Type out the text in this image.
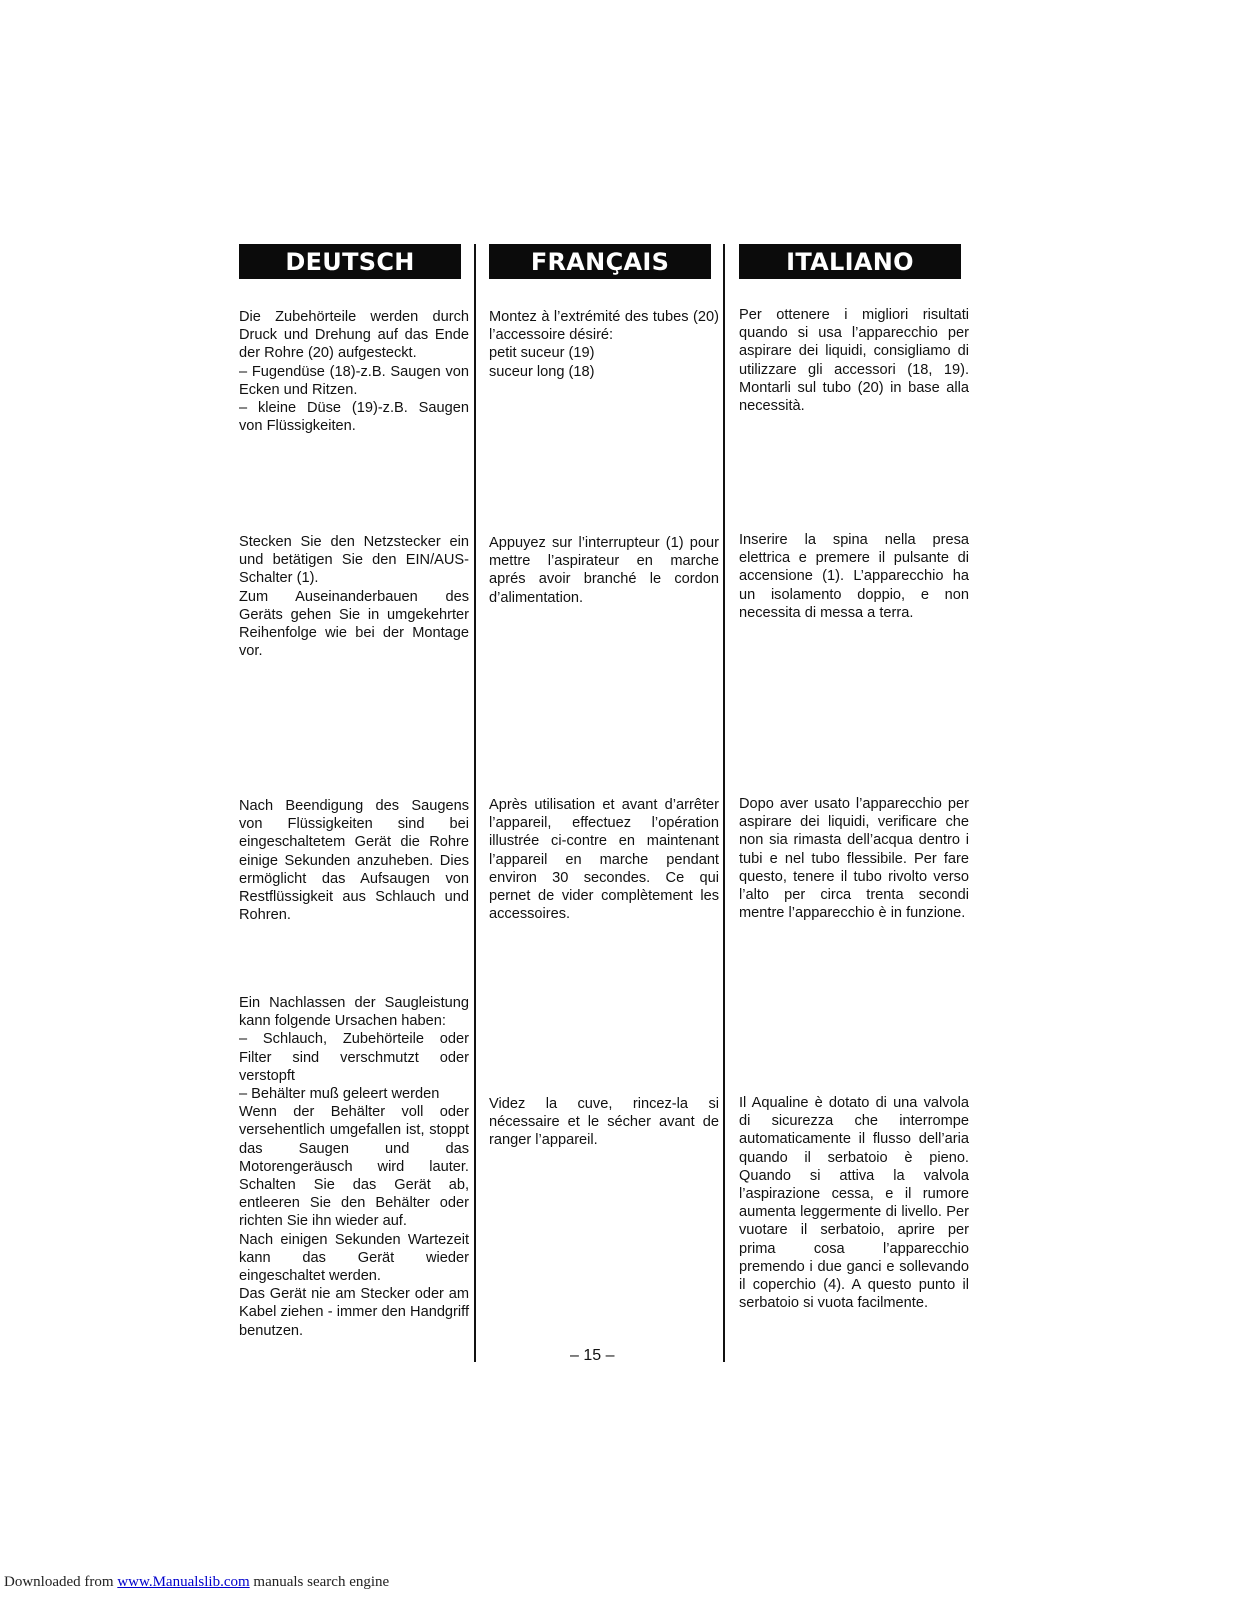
DEUTSCH	FRANÇAIS	ITALIANO

Die Zubehörteile werden durch Druck und Drehung auf das Ende der Rohre (20) aufgesteckt.
– Fugendüse (18)-z.B. Saugen von Ecken und Ritzen.
– kleine Düse (19)-z.B. Saugen von Flüssigkeiten.

Stecken Sie den Netzstecker ein und betätigen Sie den EIN/AUS-Schalter (1).
Zum Auseinanderbauen des Geräts gehen Sie in umgekehrter Reihenfolge wie bei der Montage vor.

Nach Beendigung des Saugens von Flüssigkeiten sind bei eingeschaltetem Gerät die Rohre einige Sekunden anzuheben. Dies ermöglicht das Aufsaugen von Restflüssigkeit aus Schlauch und Rohren.

Ein Nachlassen der Saugleistung kann folgende Ursachen haben:
– Schlauch, Zubehörteile oder Filter sind verschmutzt oder verstopft
– Behälter muß geleert werden
Wenn der Behälter voll oder versehentlich umgefallen ist, stoppt das Saugen und das Motorengeräusch wird lauter. Schalten Sie das Gerät ab, entleeren Sie den Behälter oder richten Sie ihn wieder auf.
Nach einigen Sekunden Wartezeit kann das Gerät wieder eingeschaltet werden.
Das Gerät nie am Stecker oder am Kabel ziehen - immer den Handgriff benutzen.

Montez à l’extrémité des tubes (20) l’accessoire désiré:
petit suceur (19)
suceur long (18)

Appuyez sur l’interrupteur (1) pour mettre l’aspirateur en marche aprés avoir branché le cordon d’alimentation.

Après utilisation et avant d’arrêter l’appareil, effectuez l’opération illustrée ci-contre en maintenant l’appareil en marche pendant environ 30 secondes. Ce qui pernet de vider complètement les accessoires.

Videz la cuve, rincez-la si nécessaire et le sécher avant de ranger l’appareil.

Per ottenere i migliori risultati quando si usa l’apparecchio per aspirare dei liquidi, consigliamo di utilizzare gli accessori (18, 19). Montarli sul tubo (20) in base alla necessità.

Inserire la spina nella presa elettrica e premere il pulsante di accensione (1). L’apparecchio ha un isolamento doppio, e non necessita di messa a terra.

Dopo aver usato l’apparecchio per aspirare dei liquidi, verificare che non sia rimasta dell’acqua dentro i tubi e nel tubo flessibile. Per fare questo, tenere il tubo rivolto verso l’alto per circa trenta secondi mentre l’apparecchio è in funzione.

Il Aqualine è dotato di una valvola di sicurezza che interrompe automaticamente il flusso dell’aria quando il serbatoio è pieno. Quando si attiva la valvola l’aspirazione cessa, e il rumore aumenta leggermente di livello. Per vuotare il serbatoio, aprire per prima cosa l’apparecchio premendo i due ganci e sollevando il coperchio (4). A questo punto il serbatoio si vuota facilmente.

– 15 –
Downloaded from www.Manualslib.com manuals search engine
